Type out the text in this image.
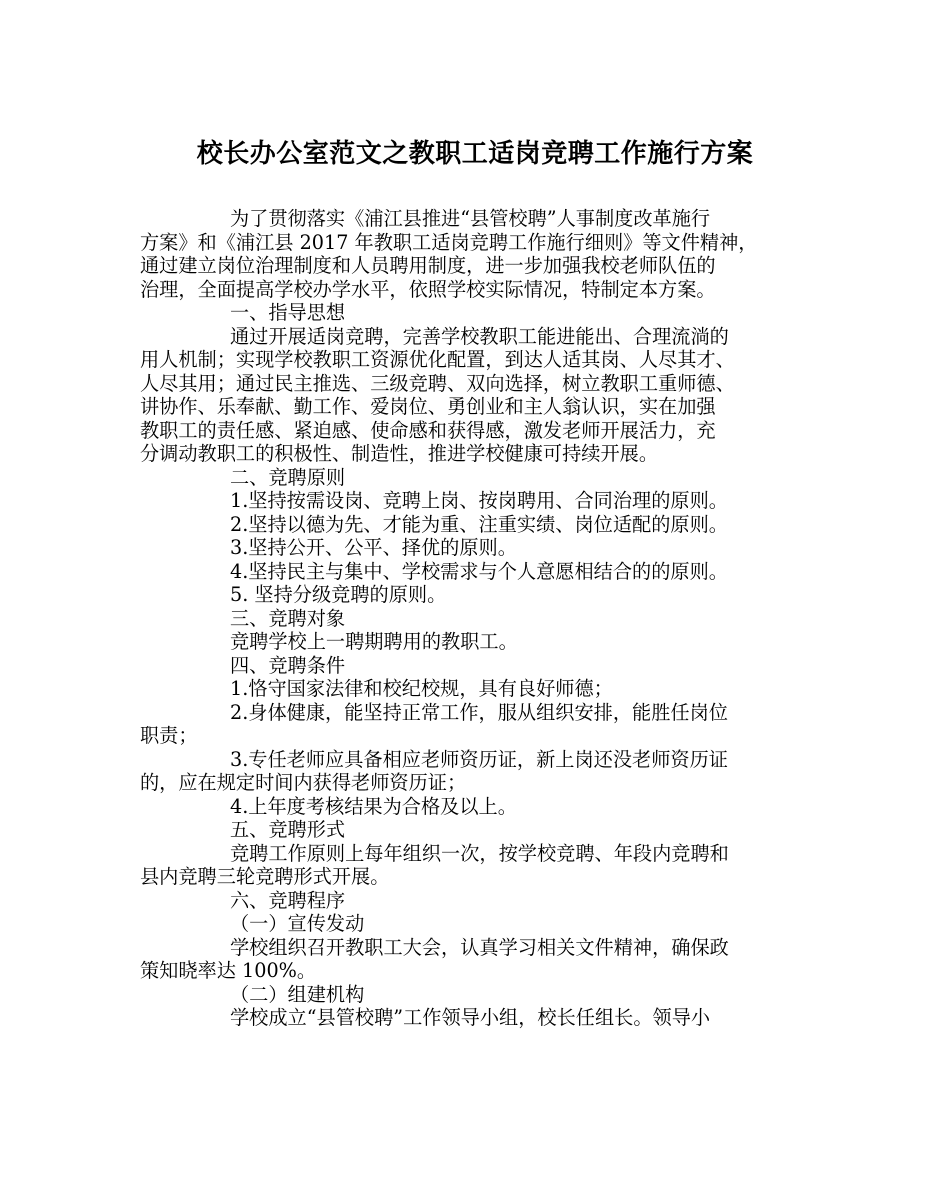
校长办公室范文之教职工适岗竞聘工作施行方案
为了贯彻落实《浦江县推进“县管校聘”人事制度改革施行
方案》和《浦江县 2017 年教职工适岗竞聘工作施行细则》等文件精神，
通过建立岗位治理制度和人员聘用制度，进一步加强我校老师队伍的
治理，全面提高学校办学水平，依照学校实际情况，特制定本方案。
一、指导思想
通过开展适岗竞聘，完善学校教职工能进能出、合理流淌的
用人机制；实现学校教职工资源优化配置，到达人适其岗、人尽其才、
人尽其用；通过民主推选、三级竞聘、双向选择，树立教职工重师德、
讲协作、乐奉献、勤工作、爱岗位、勇创业和主人翁认识，实在加强
教职工的责任感、紧迫感、使命感和获得感，激发老师开展活力，充
分调动教职工的积极性、制造性，推进学校健康可持续开展。
二、竞聘原则
1.坚持按需设岗、竞聘上岗、按岗聘用、合同治理的原则。
2.坚持以德为先、才能为重、注重实绩、岗位适配的原则。
3.坚持公开、公平、择优的原则。
4.坚持民主与集中、学校需求与个人意愿相结合的的原则。
5. 坚持分级竞聘的原则。
三、竞聘对象
竞聘学校上一聘期聘用的教职工。
四、竞聘条件
1.恪守国家法律和校纪校规，具有良好师德；
2.身体健康，能坚持正常工作，服从组织安排，能胜任岗位
职责；
3.专任老师应具备相应老师资历证，新上岗还没老师资历证
的，应在规定时间内获得老师资历证；
4.上年度考核结果为合格及以上。
五、竞聘形式
竞聘工作原则上每年组织一次，按学校竞聘、年段内竞聘和
县内竞聘三轮竞聘形式开展。
六、竞聘程序
（一）宣传发动
学校组织召开教职工大会，认真学习相关文件精神，确保政
策知晓率达 100%。
（二）组建机构
学校成立“县管校聘”工作领导小组，校长任组长。领导小
